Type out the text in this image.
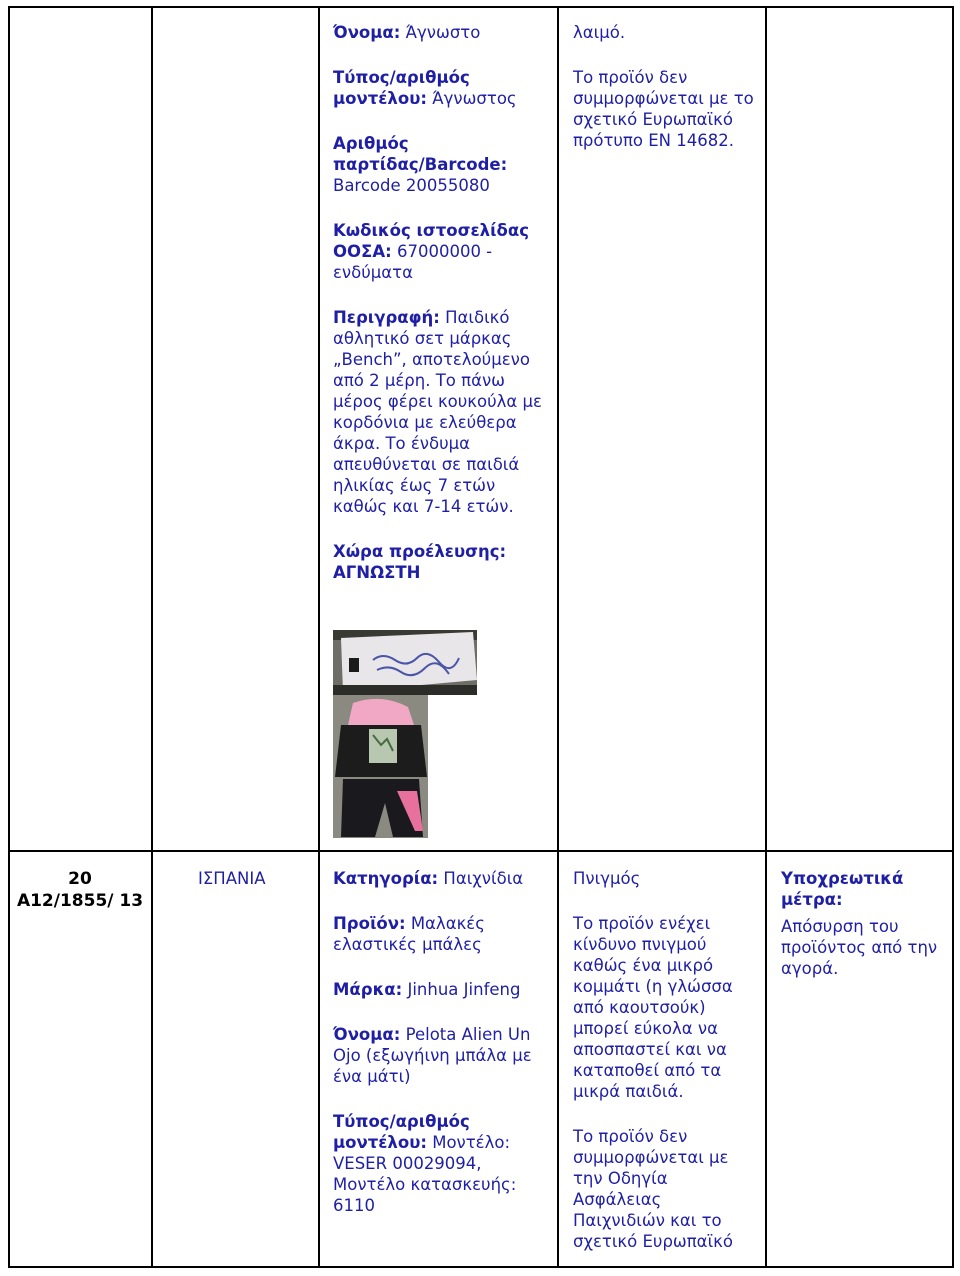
Όνομα: Άγνωστο

Τύπος/αριθμός μοντέλου: Άγνωστος

Αριθμός παρτίδας/Barcode: Barcode 20055080

Κωδικός ιστοσελίδας ΟΟΣΑ: 67000000 - ενδύματα

Περιγραφή: Παιδικό αθλητικό σετ μάρκας „Bench”, αποτελούμενο από 2 μέρη. Το πάνω μέρος φέρει κουκούλα με κορδόνια με ελεύθερα άκρα. Το ένδυμα απευθύνεται σε παιδιά ηλικίας έως 7 ετών καθώς και 7-14 ετών.

Χώρα προέλευσης: ΑΓΝΩΣΤΗ

λαιμό.

Το προϊόν δεν συμμορφώνεται με το σχετικό Ευρωπαϊκό πρότυπο ΕΝ 14682.

20
A12/1855/ 13
ΙΣΠΑΝΙΑ	Κατηγορία: Παιχνίδια

Προϊόν: Μαλακές ελαστικές μπάλες

Μάρκα: Jinhua Jinfeng

Όνομα: Pelota Alien Un Ojo (εξωγήινη μπάλα με ένα μάτι)

Τύπος/αριθμός μοντέλου: Μοντέλο: VESER 00029094, Μοντέλο κατασκευής: 6110

Πνιγμός

Το προϊόν ενέχει κίνδυνο πνιγμού καθώς ένα μικρό κομμάτι (η γλώσσα από καουτσούκ) μπορεί εύκολα να αποσπαστεί και να καταποθεί από τα μικρά παιδιά.

Το προϊόν δεν συμμορφώνεται με την Οδηγία Ασφάλειας Παιχνιδιών και το σχετικό Ευρωπαϊκό

Υποχρεωτικά μέτρα:

Απόσυρση του προϊόντος από την αγορά.
